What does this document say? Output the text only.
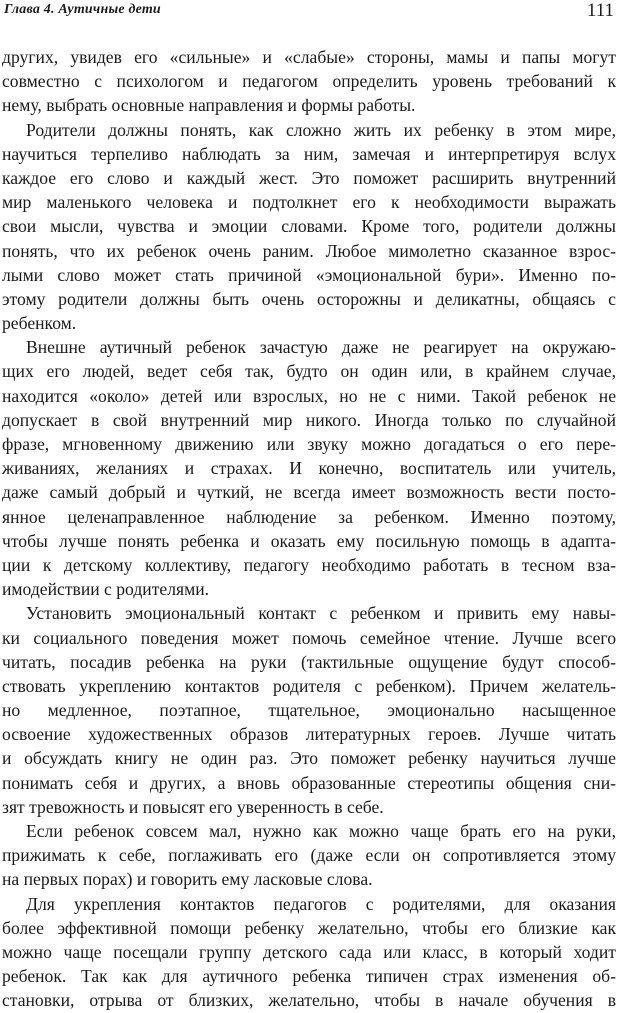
Глава 4. Аутичные дети	111
других, увидев его «сильные» и «слабые» стороны, мамы и папы могут
совместно с психологом и педагогом определить уровень требований к
нему, выбрать основные направления и формы работы.
Родители должны понять, как сложно жить их ребенку в этом мире,
научиться терпеливо наблюдать за ним, замечая и интерпретируя вслух
каждое его слово и каждый жест. Это поможет расширить внутренний
мир маленького человека и подтолкнет его к необходимости выражать
свои мысли, чувства и эмоции словами. Кроме того, родители должны
понять, что их ребенок очень раним. Любое мимолетно сказанное взрос-
лыми слово может стать причиной «эмоциональной бури». Именно по-
этому родители должны быть очень осторожны и деликатны, общаясь с
ребенком.
Внешне аутичный ребенок зачастую даже не реагирует на окружаю-
щих его людей, ведет себя так, будто он один или, в крайнем случае,
находится «около» детей или взрослых, но не с ними. Такой ребенок не
допускает в свой внутренний мир никого. Иногда только по случайной
фразе, мгновенному движению или звуку можно догадаться о его пере-
живаниях, желаниях и страхах. И конечно, воспитатель или учитель,
даже самый добрый и чуткий, не всегда имеет возможность вести посто-
янное целенаправленное наблюдение за ребенком. Именно поэтому,
чтобы лучше понять ребенка и оказать ему посильную помощь в адапта-
ции к детскому коллективу, педагогу необходимо работать в тесном вза-
имодействии с родителями.
Установить эмоциональный контакт с ребенком и привить ему навы-
ки социального поведения может помочь семейное чтение. Лучше всего
читать, посадив ребенка на руки (тактильные ощущение будут способ-
ствовать укреплению контактов родителя с ребенком). Причем желатель-
но медленное, поэтапное, тщательное, эмоционально насыщенное
освоение художественных образов литературных героев. Лучше читать
и обсуждать книгу не один раз. Это поможет ребенку научиться лучше
понимать себя и других, а вновь образованные стереотипы общения сни-
зят тревожность и повысят его уверенность в себе.
Если ребенок совсем мал, нужно как можно чаще брать его на руки,
прижимать к себе, поглаживать его (даже если он сопротивляется этому
на первых порах) и говорить ему ласковые слова.
Для укрепления контактов педагогов с родителями, для оказания
более эффективной помощи ребенку желательно, чтобы его близкие как
можно чаще посещали группу детского сада или класс, в который ходит
ребенок. Так как для аутичного ребенка типичен страх изменения об-
становки, отрыва от близких, желательно, чтобы в начале обучения в
